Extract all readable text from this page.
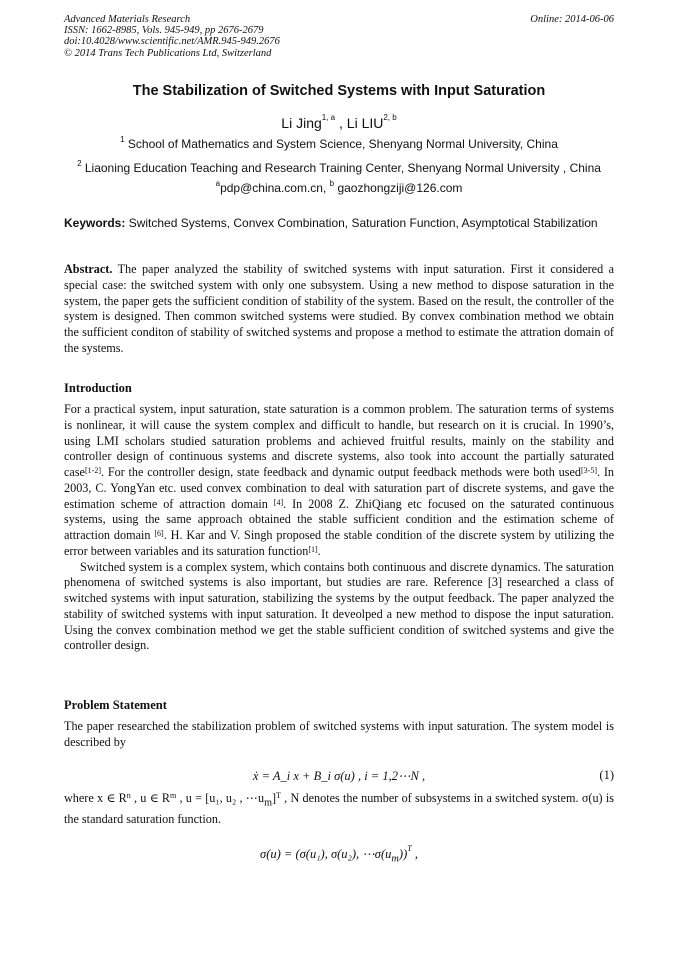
Advanced Materials Research
ISSN: 1662-8985, Vols. 945-949, pp 2676-2679
doi:10.4028/www.scientific.net/AMR.945-949.2676
© 2014 Trans Tech Publications Ltd, Switzerland
Online: 2014-06-06
The Stabilization of Switched Systems with Input Saturation
Li Jing$^{1, a}$ , Li LIU$^{2, b}$
$^1$ School of Mathematics and System Science, Shenyang Normal University, China
$^2$ Liaoning Education Teaching and Research Training Center, Shenyang Normal University , China
$^a$pdp@china.com.cn, $^b$ gaozhongziji@126.com
Keywords: Switched Systems, Convex Combination, Saturation Function, Asymptotical Stabilization
Abstract. The paper analyzed the stability of switched systems with input saturation. First it considered a special case: the switched system with only one subsystem. Using a new method to dispose saturation in the system, the paper gets the sufficient condition of stability of the system. Based on the result, the controller of the system is designed. Then common switched systems were studied. By convex combination method we obtain the sufficient conditon of stability of switched systems and propose a method to estimate the attration domain of the systems.
Introduction
For a practical system, input saturation, state saturation is a common problem. The saturation terms of systems is nonlinear, it will cause the system complex and difficult to handle, but research on it is crucial. In 1990’s, using LMI scholars studied saturation problems and achieved fruitful results, mainly on the stability and controller design of continuous systems and discrete systems, also took into account the partially saturated case[1-2]. For the controller design, state feedback and dynamic output feedback methods were both used[3-5]. In 2003, C. YongYan etc. used convex combination to deal with saturation part of discrete systems, and gave the estimation scheme of attraction domain [4]. In 2008 Z. ZhiQiang etc focused on the saturated continuous systems, using the same approach obtained the stable sufficient condition and the estimation scheme of attraction domain [6]. H. Kar and V. Singh proposed the stable condition of the discrete system by utilizing the error between variables and its saturation function[1].
Switched system is a complex system, which contains both continuous and discrete dynamics. The saturation phenomena of switched systems is also important, but studies are rare. Reference [3] researched a class of switched systems with input saturation, stabilizing the systems by the output feedback. The paper analyzed the stability of switched systems with input saturation. It deveolped a new method to dispose the input saturation. Using the convex combination method we get the stable sufficient condition of switched systems and give the controller design.
Problem Statement
The paper researched the stabilization problem of switched systems with input saturation. The system model is described by
ẋ = A_i x + B_i σ(u) , i = 1,2⋯N ,	(1)
where x ∈ $R^n$ , u ∈ $R^m$ , u = [u₁, u₂ , $\cdots u_m]^T$ , N denotes the number of subsystems in a switched system. σ(u) is the standard saturation function.
σ(u) = (σ(u₁), σ(u₂), $\cdots\sigma(u_m))^T$ ,
